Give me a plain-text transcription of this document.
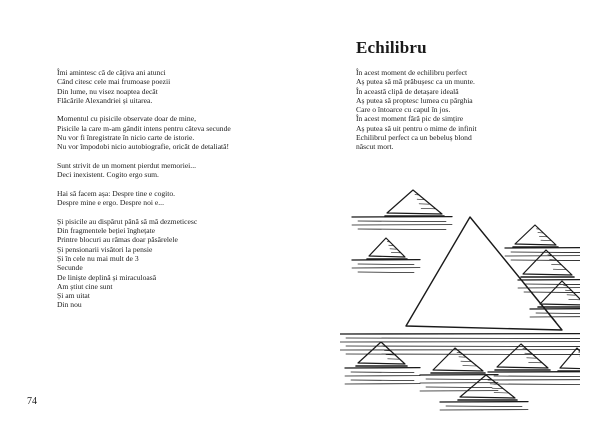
Îmi amintesc că de câțiva ani atunci
Când citesc cele mai frumoase poezii
Din lume, nu visez noaptea decât
Flăcările Alexandriei și uitarea.
Momentul cu pisicile observate doar de mine,
Pisicile la care m-am gândit intens pentru câteva secunde
Nu vor fi înregistrate în nicio carte de istorie.
Nu vor împodobi nicio autobiografie, oricât de detaliată!
Sunt strivit de un moment pierdut memoriei...
Deci inexistent. Cogito ergo sum.
Hai să facem așa: Despre tine e cogito.
Despre mine e ergo. Despre noi e...
Și pisicile au dispărut până să mă dezmeticesc
Din fragmentele beției înghețate
Printre blocuri au rămas doar păsărelele
Și pensionarii visători la pensie
Și în cele nu mai mult de 3
Secunde
De liniște deplină și miraculoasă
Am știut cine sunt
Și am uitat
Din nou
74
Echilibru
În acest moment de echilibru perfect
Aș putea să mă prăbușesc ca un munte.
În această clipă de detașare ideală
Aș putea să proptesc lumea cu pârghia
Care o întoarce cu capul în jos.
În acest moment fără pic de simțire
Aș putea să uit pentru o mime de infinit
Echilibrul perfect ca un bebeluș blond
născut mort.
